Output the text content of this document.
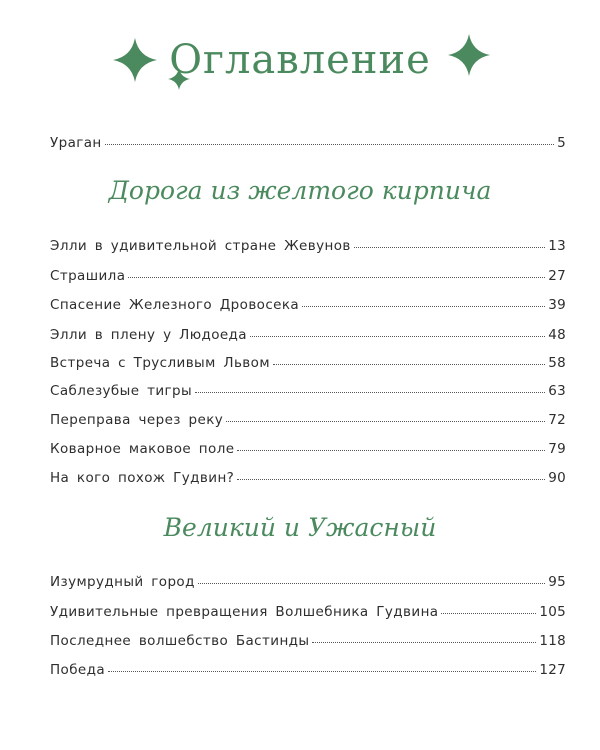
Оглавление
Ураган	5
Дорога из желтого кирпича
Элли в удивительной стране Жевунов	13
Страшила	27
Спасение Железного Дровосека	39
Элли в плену у Людоеда	48
Встреча с Трусливым Львом	58
Саблезубые тигры	63
Переправа через реку	72
Коварное маковое поле	79
На кого похож Гудвин?	90
Великий и Ужасный
Изумрудный город	95
Удивительные превращения Волшебника Гудвина	105
Последнее волшебство Бастинды	118
Победа	127
